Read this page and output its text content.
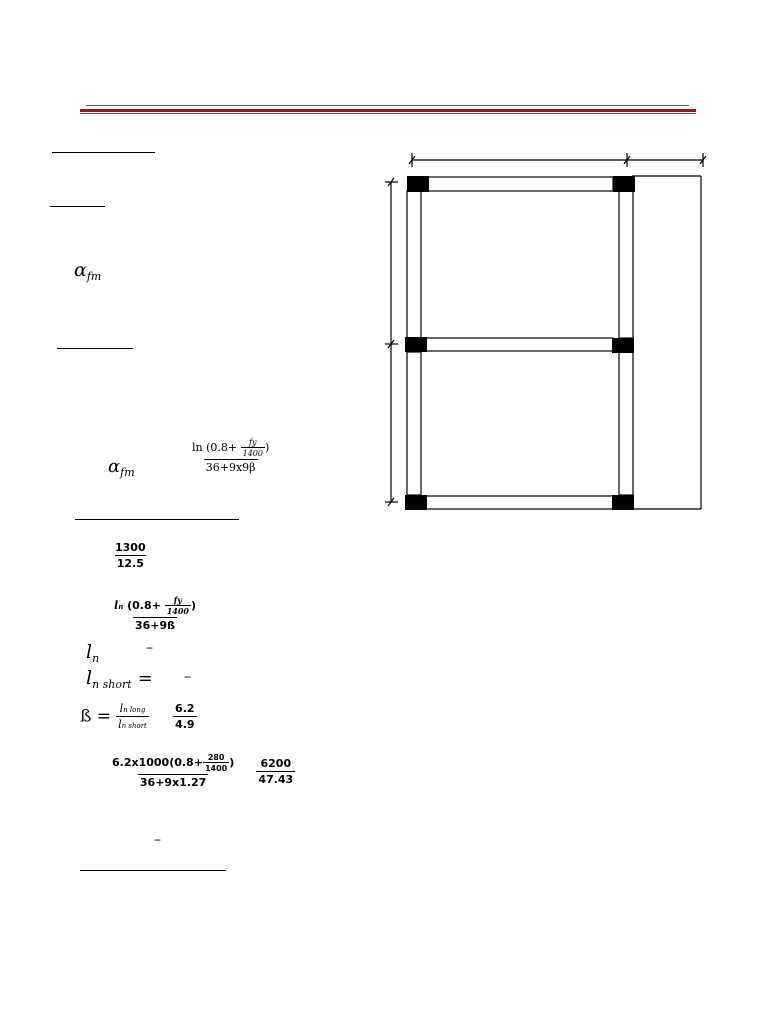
$\alpha_{fm}$
$\alpha_{fm}$	$\frac{\ln (0.8+ \frac{fy}{1400} )}{36+9x9\beta}$
$\frac{1300}{12.5}$
$\frac{\ln (0.8+ \frac{fy}{1400} )}{36+9ß}$
$l_n$
–
$l_{n short}$ = –
ß = $\frac{\text{ln long}}{\text{ln short}}$
$\frac{6.2}{4.9}$
$\frac{6.2x1000(0.8+ \frac{280}{1400} )}{36+9x1.27}$
$\frac{6200}{47.43}$
–
